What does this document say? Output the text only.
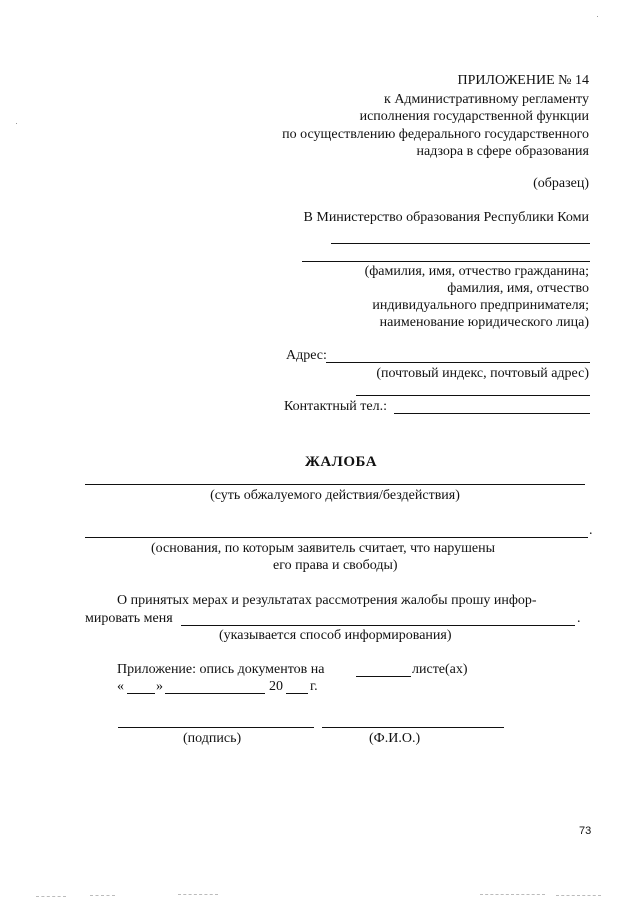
ПРИЛОЖЕНИЕ № 14
к Административному регламенту
исполнения государственной функции
по осуществлению федерального государственного
надзора в сфере образования
(образец)
В Министерство образования Республики Коми
(фамилия, имя, отчество гражданина;
фамилия, имя, отчество
индивидуального предпринимателя;
наименование юридического лица)
Адрес:
(почтовый индекс, почтовый адрес)
Контактный тел.:
ЖАЛОБА
(суть обжалуемого действия/бездействия)
.
(основания, по которым заявитель считает, что нарушены
его права и свободы)
О принятых мерах и результатах рассмотрения жалобы прошу инфор-
мировать меня	.
(указывается способ информирования)
Приложение: опись документов на	листе(ах)
« »	20 г.
(подпись)	(Ф.И.О.)
73
